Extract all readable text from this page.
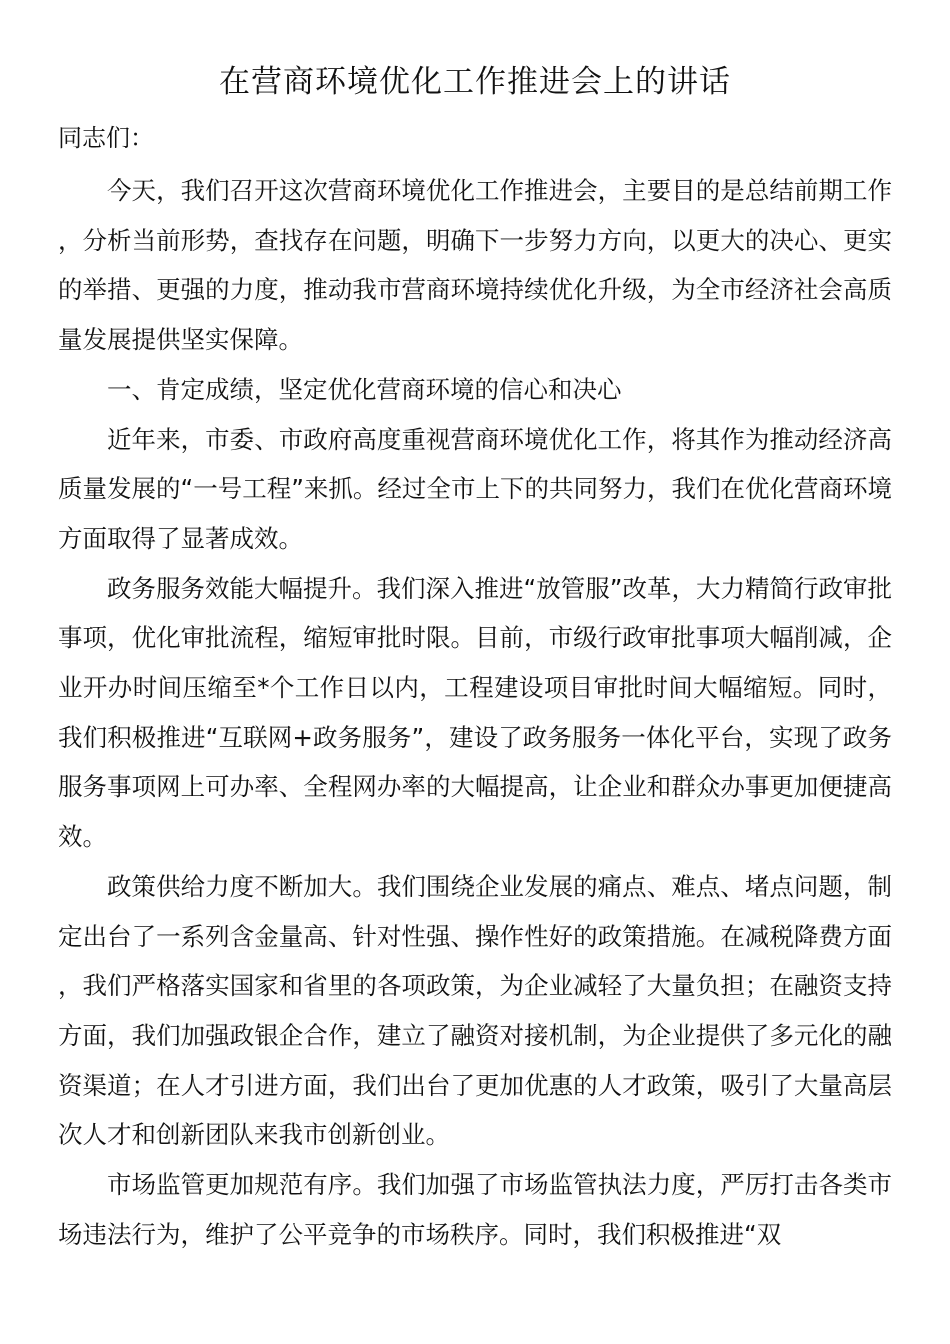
在营商环境优化工作推进会上的讲话
同志们：

今天，我们召开这次营商环境优化工作推进会，主要目的是总结前期工作，分析当前形势，查找存在问题，明确下一步努力方向，以更大的决心、更实的举措、更强的力度，推动我市营商环境持续优化升级，为全市经济社会高质量发展提供坚实保障。

一、肯定成绩，坚定优化营商环境的信心和决心

近年来，市委、市政府高度重视营商环境优化工作，将其作为推动经济高质量发展的“一号工程”来抓。经过全市上下的共同努力，我们在优化营商环境方面取得了显著成效。

政务服务效能大幅提升。我们深入推进“放管服”改革，大力精简行政审批事项，优化审批流程，缩短审批时限。目前，市级行政审批事项大幅削减，企业开办时间压缩至*个工作日以内，工程建设项目审批时间大幅缩短。同时，我们积极推进“互联网+政务服务”，建设了政务服务一体化平台，实现了政务服务事项网上可办率、全程网办率的大幅提高，让企业和群众办事更加便捷高效。

政策供给力度不断加大。我们围绕企业发展的痛点、难点、堵点问题，制定出台了一系列含金量高、针对性强、操作性好的政策措施。在减税降费方面，我们严格落实国家和省里的各项政策，为企业减轻了大量负担；在融资支持方面，我们加强政银企合作，建立了融资对接机制，为企业提供了多元化的融资渠道；在人才引进方面，我们出台了更加优惠的人才政策，吸引了大量高层次人才和创新团队来我市创新创业。

市场监管更加规范有序。我们加强了市场监管执法力度，严厉打击各类市场违法行为，维护了公平竞争的市场秩序。同时，我们积极推进“双
